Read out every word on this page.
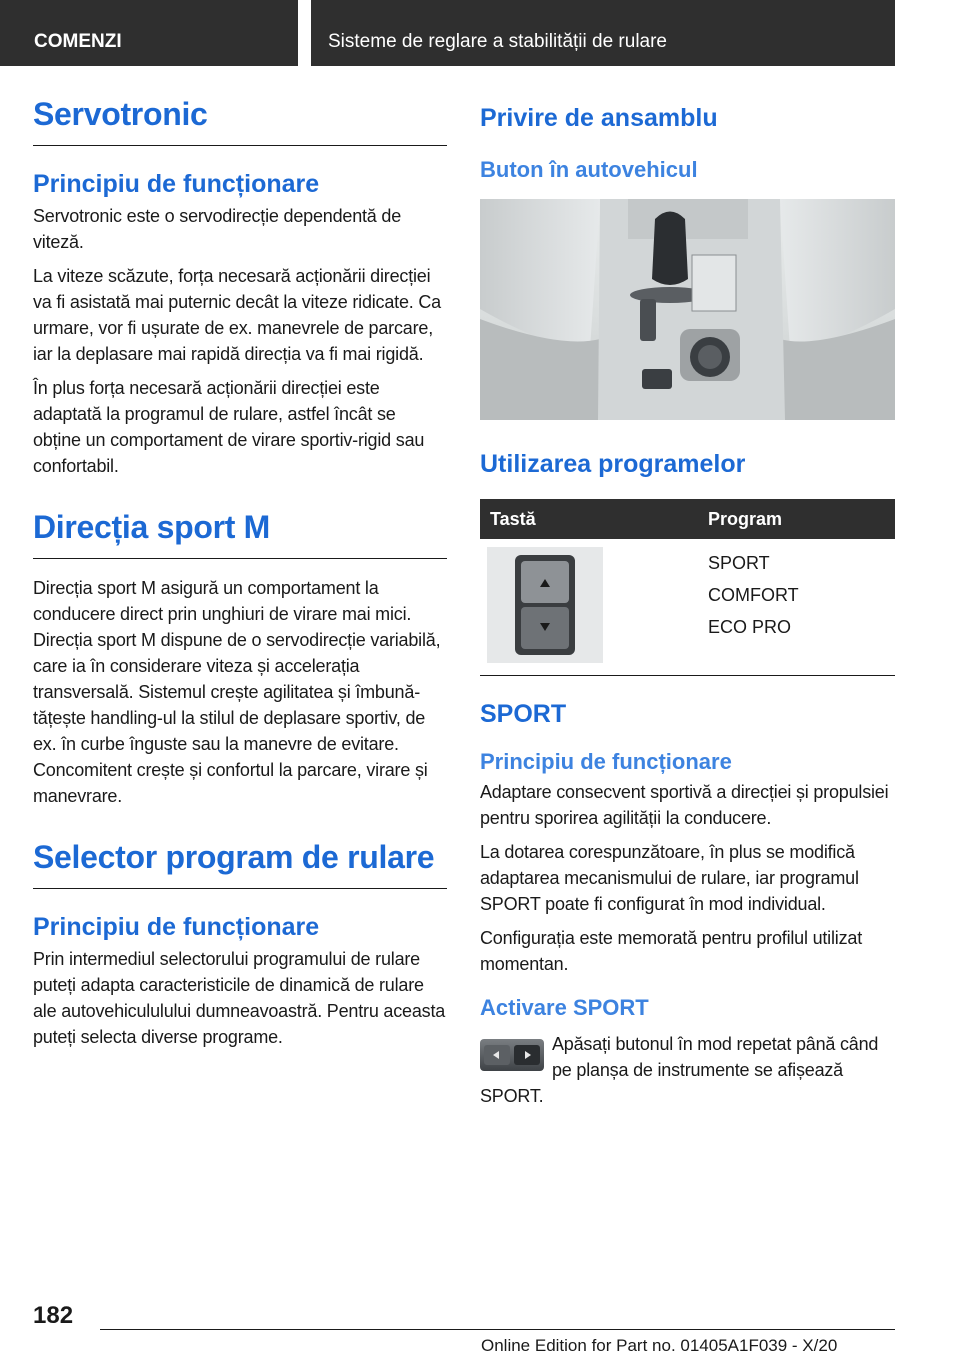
COMENZI	Sisteme de reglare a stabilității de rulare
Servotronic
Principiu de funcționare

Servotronic este o servodirecție dependentă de viteză.

La viteze scăzute, forța necesară acționării direcției va fi asistată mai puternic decât la viteze ridicate. Ca urmare, vor fi ușurate de ex. manevrele de parcare, iar la deplasare mai rapidă direcția va fi mai rigidă.

În plus forța necesară acționării direcției este adaptată la programul de rulare, astfel încât se obține un comportament de virare sportiv-rigid sau confortabil.

Direcția sport M

Direcția sport M asigură un comportament la conducere direct prin unghiuri de virare mai mici. Direcția sport M dispune de o servodirecție variabilă, care ia în considerare viteza și accelerația transversală. Sistemul crește agilitatea și îmbunătățește handling-ul la stilul de deplasare sportiv, de ex. în curbe înguste sau la manevre de evitare. Concomitent crește și confortul la parcare, virare și manevrare.

Selector program de rulare
Principiu de funcționare

Prin intermediul selectorului programului de rulare puteți adapta caracteristicile de dinamică de rulare ale autovehicululului dumneavoastră. Pentru aceasta puteți selecta diverse programe.

Privire de ansamblu
Buton în autovehicul
Utilizarea programelor
Tastă	Program
SPORT
COMFORT
ECO PRO
SPORT
Principiu de funcționare

Adaptare consecvent sportivă a direcției și propulsiei pentru sporirea agilității la conducere.

La dotarea corespunzătoare, în plus se modifică adaptarea mecanismului de rulare, iar programul SPORT poate fi configurat în mod individual.

Configurația este memorată pentru profilul utilizat momentan.

Activare SPORT

Apăsați butonul în mod repetat până când pe planșa de instrumente se afișează SPORT.

182
Online Edition for Part no. 01405A1F039 - X/20
